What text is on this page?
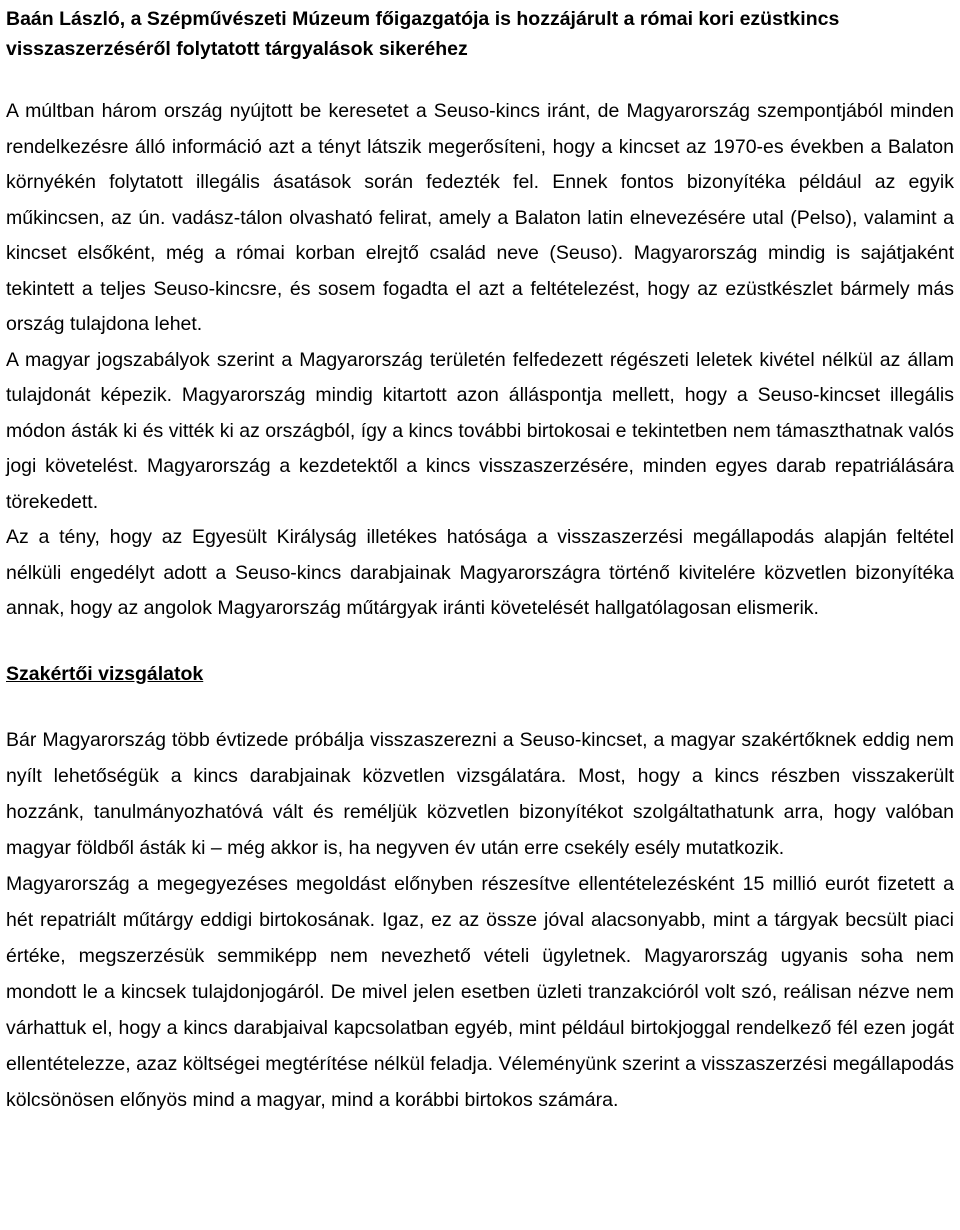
Baán László, a Szépművészeti Múzeum főigazgatója is hozzájárult a római kori ezüstkincs visszaszerzéséről folytatott tárgyalások sikeréhez

A múltban három ország nyújtott be keresetet a Seuso-kincs iránt, de Magyarország szempontjából minden rendelkezésre álló információ azt a tényt látszik megerősíteni, hogy a kincset az 1970-es években a Balaton környékén folytatott illegális ásatások során fedezték fel. Ennek fontos bizonyítéka például az egyik műkincsen, az ún. vadász-tálon olvasható felirat, amely a Balaton latin elnevezésére utal (Pelso), valamint a kincset elsőként, még a római korban elrejtő család neve (Seuso). Magyarország mindig is sajátjaként tekintett a teljes Seuso-kincsre, és sosem fogadta el azt a feltételezést, hogy az ezüstkészlet bármely más ország tulajdona lehet.

A magyar jogszabályok szerint a Magyarország területén felfedezett régészeti leletek kivétel nélkül az állam tulajdonát képezik. Magyarország mindig kitartott azon álláspontja mellett, hogy a Seuso-kincset illegális módon ásták ki és vitték ki az országból, így a kincs további birtokosai e tekintetben nem támaszthatnak valós jogi követelést. Magyarország a kezdetektől a kincs visszaszerzésére, minden egyes darab repatriálására törekedett.

Az a tény, hogy az Egyesült Királyság illetékes hatósága a visszaszerzési megállapodás alapján feltétel nélküli engedélyt adott a Seuso-kincs darabjainak Magyarországra történő kivitelére közvetlen bizonyítéka annak, hogy az angolok Magyarország műtárgyak iránti követelését hallgatólagosan elismerik.

Szakértői vizsgálatok

Bár Magyarország több évtizede próbálja visszaszerezni a Seuso-kincset, a magyar szakértőknek eddig nem nyílt lehetőségük a kincs darabjainak közvetlen vizsgálatára. Most, hogy a kincs részben visszakerült hozzánk, tanulmányozhatóvá vált és reméljük közvetlen bizonyítékot szolgáltathatunk arra, hogy valóban magyar földből ásták ki – még akkor is, ha negyven év után erre csekély esély mutatkozik.

Magyarország a megegyezéses megoldást előnyben részesítve ellentételezésként 15 millió eurót fizetett a hét repatriált műtárgy eddigi birtokosának. Igaz, ez az össze jóval alacsonyabb, mint a tárgyak becsült piaci értéke, megszerzésük semmiképp nem nevezhető vételi ügyletnek. Magyarország ugyanis soha nem mondott le a kincsek tulajdonjogáról. De mivel jelen esetben üzleti tranzakcióról volt szó, reálisan nézve nem várhattuk el, hogy a kincs darabjaival kapcsolatban egyéb, mint például birtokjoggal rendelkező fél ezen jogát ellentételezze, azaz költségei megtérítése nélkül feladja. Véleményünk szerint a visszaszerzési megállapodás kölcsönösen előnyös mind a magyar, mind a korábbi birtokos számára.
